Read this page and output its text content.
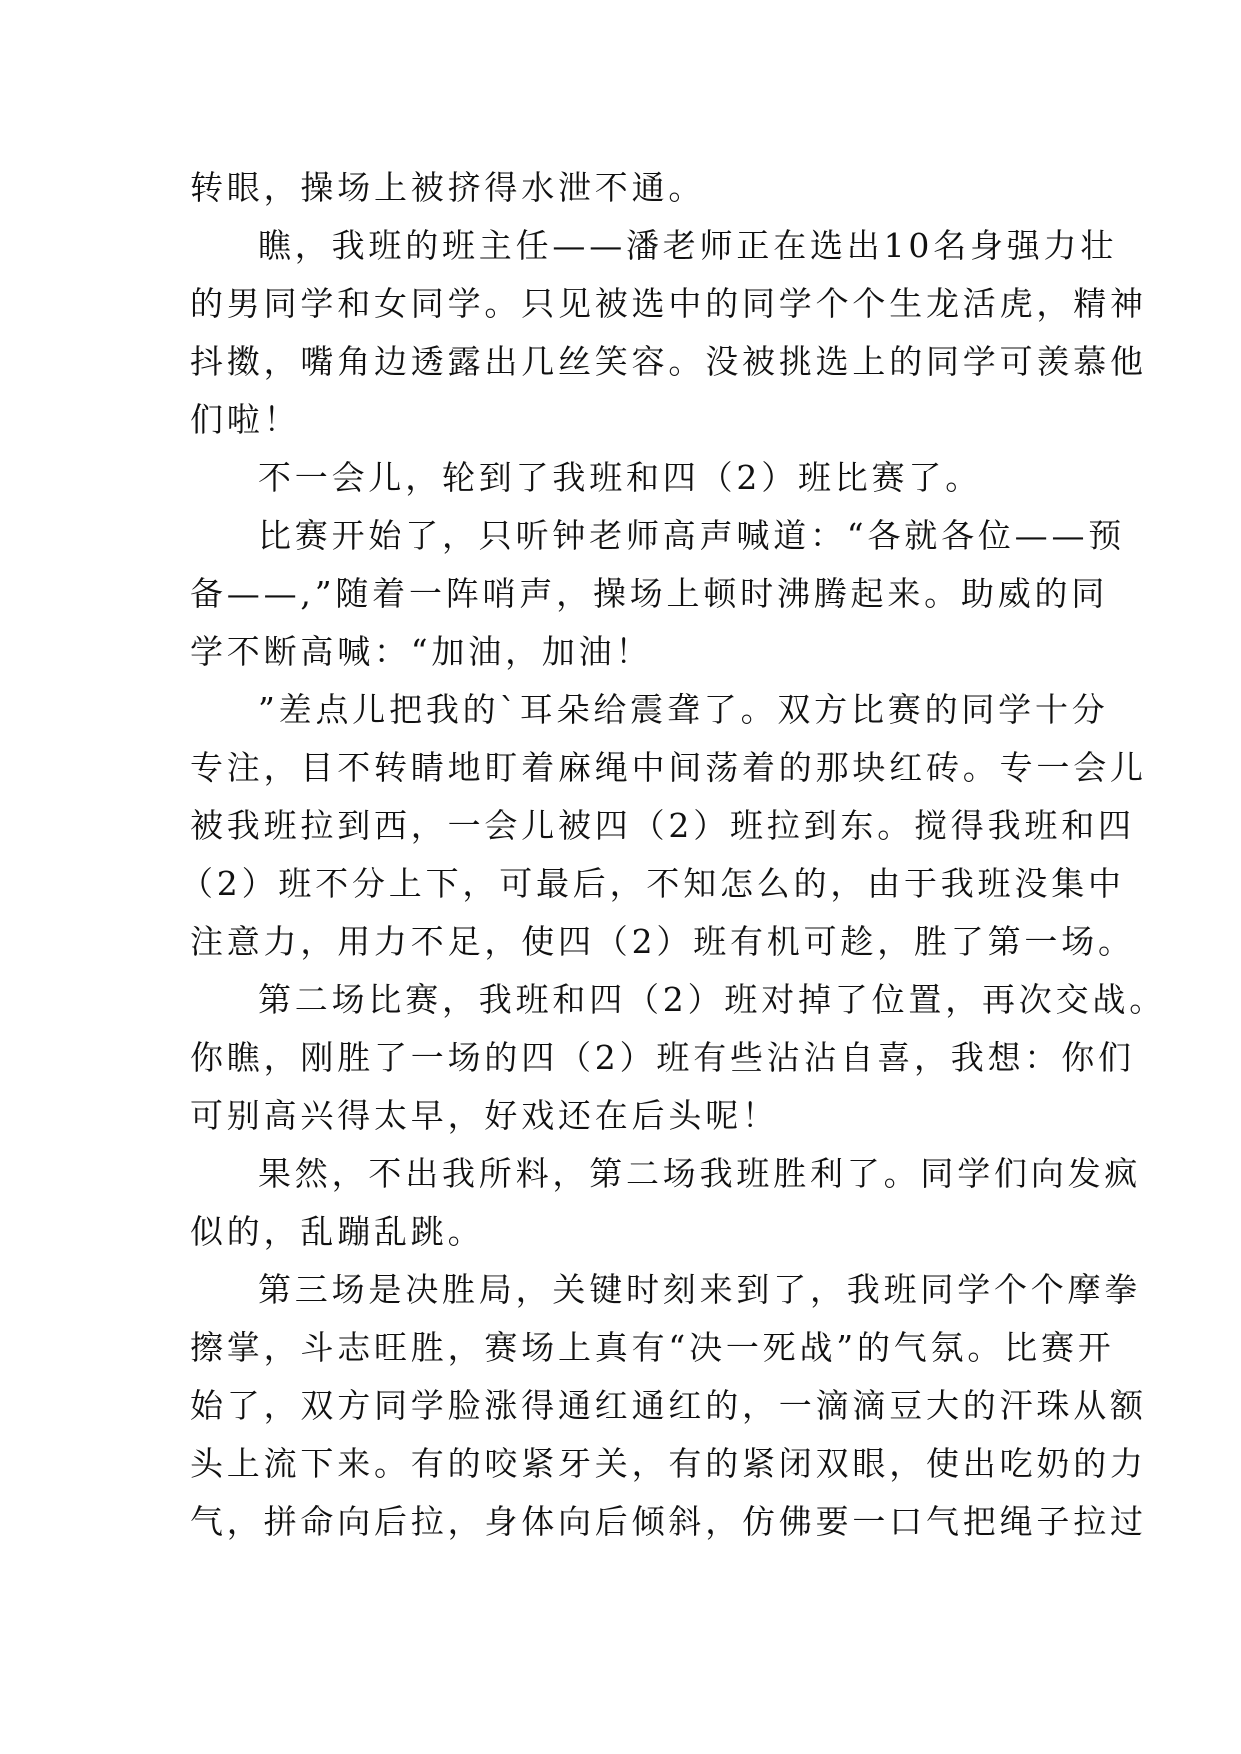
转眼，操场上被挤得水泄不通。
瞧，我班的班主任——潘老师正在选出10名身强力壮
的男同学和女同学。只见被选中的同学个个生龙活虎，精神
抖擞，嘴角边透露出几丝笑容。没被挑选上的同学可羡慕他
们啦！
不一会儿，轮到了我班和四（2）班比赛了。
比赛开始了，只听钟老师高声喊道：“各就各位——预
备——,”随着一阵哨声，操场上顿时沸腾起来。助威的同
学不断高喊：“加油，加油！
”差点儿把我的`耳朵给震聋了。双方比赛的同学十分
专注，目不转睛地盯着麻绳中间荡着的那块红砖。专一会儿
被我班拉到西，一会儿被四（2）班拉到东。搅得我班和四
（2）班不分上下，可最后，不知怎么的，由于我班没集中
注意力，用力不足，使四（2）班有机可趁，胜了第一场。
第二场比赛，我班和四（2）班对掉了位置，再次交战。
你瞧，刚胜了一场的四（2）班有些沾沾自喜，我想：你们
可别高兴得太早，好戏还在后头呢！
果然，不出我所料，第二场我班胜利了。同学们向发疯
似的，乱蹦乱跳。
第三场是决胜局，关键时刻来到了，我班同学个个摩拳
擦掌，斗志旺胜，赛场上真有“决一死战”的气氛。比赛开
始了，双方同学脸涨得通红通红的，一滴滴豆大的汗珠从额
头上流下来。有的咬紧牙关，有的紧闭双眼，使出吃奶的力
气，拼命向后拉，身体向后倾斜，仿佛要一口气把绳子拉过
